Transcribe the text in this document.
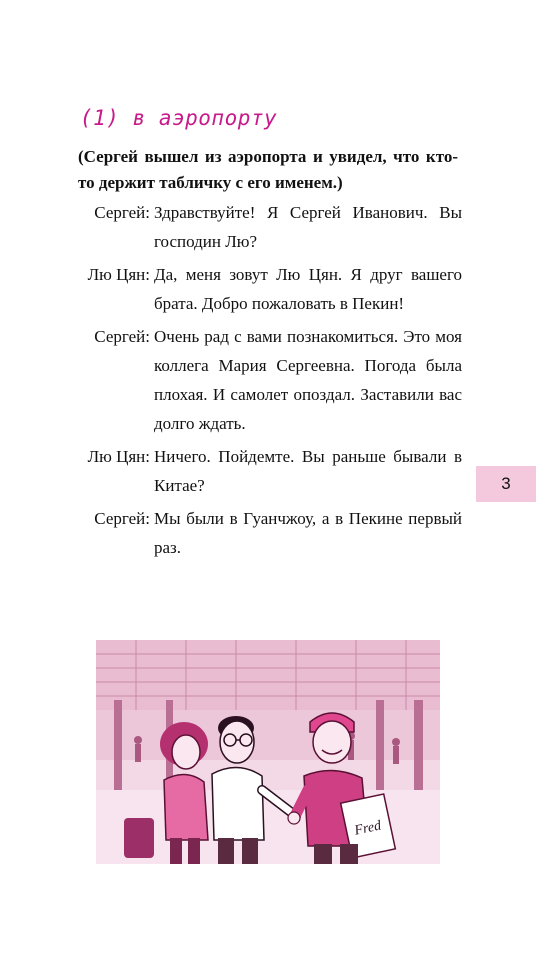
(1) в аэропорту
(Сергей вышел из аэропорта и увидел, что кто-то держит табличку с его именем.)
Сергей: Здравствуйте! Я Сергей Иванович. Вы господин Лю?
Лю Цян: Да, меня зовут Лю Цян. Я друг вашего брата. Добро пожаловать в Пекин!
Сергей: Очень рад с вами познакомиться. Это моя коллега Мария Сергеевна. Погода была плохая. И самолет опоздал. Заставили вас долго ждать.
Лю Цян: Ничего. Пойдемте. Вы раньше бывали в Китае?
Сергей: Мы были в Гуанчжоу, а в Пекине первый раз.
3
Fred
